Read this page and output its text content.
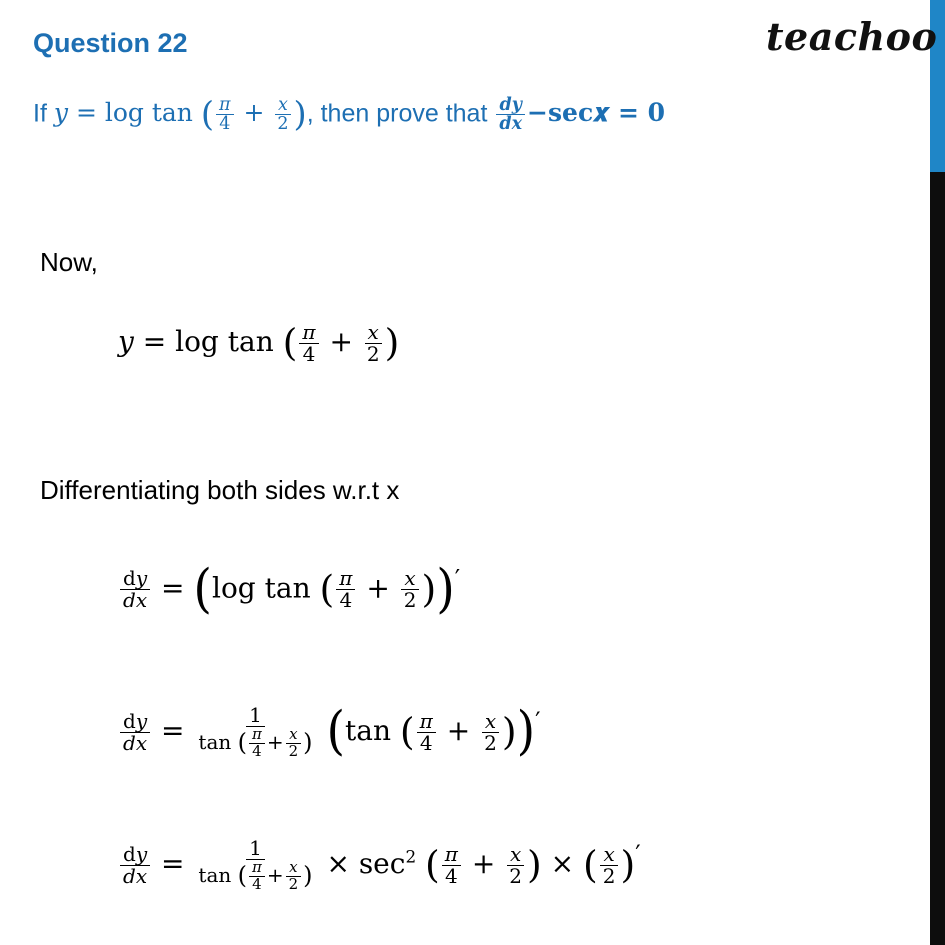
Question 22	teachoo
If y = log tan ( $\frac{\pi}{4} + \frac{x}{2}$ ), then prove that $\frac{dy}{dx}$ −sec𝒙 = 𝟎
Now,
y = log tan ( $\frac{\pi}{4} + \frac{x}{2}$ )
Differentiating both sides w.r.t x
$\frac{dy}{dx} = (\log$ tan ( $\frac{\pi}{4} + \frac{x}{2} ))'$
$\frac{dy}{dx} = \frac{1}{\tan ( \frac{\pi}{4} + \frac{x}{2} )} (\tan$ ( $\frac{\pi}{4} + \frac{x}{2} ))'$
$\frac{dy}{dx} = \frac{1}{\tan ( \frac{\pi}{4} + \frac{x}{2} )} \times \sec^2$ ( $\frac{\pi}{4} + \frac{x}{2}$ ) × ( $\frac{x}{2} )'$
